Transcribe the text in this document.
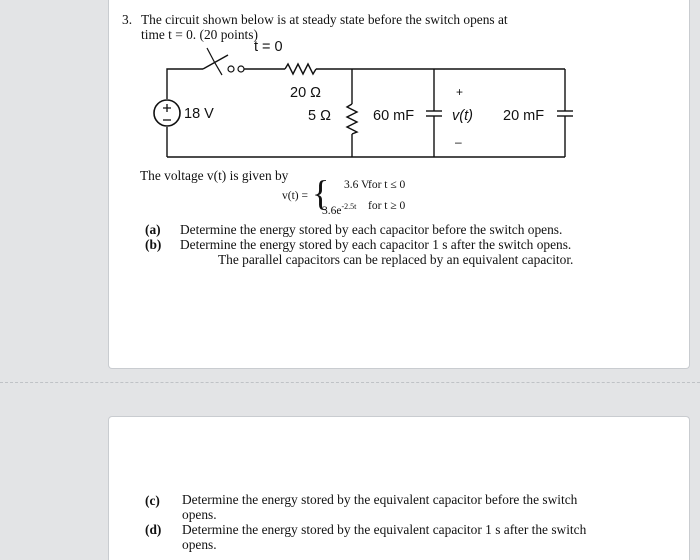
3. The circuit shown below is at steady state before the switch opens at
time t = 0. (20 points)
t = 0
18 V
20 Ω
5 Ω	60 mF
+
v(t)
–
20 mF
The voltage v(t) is given by
v(t) = { 3.6 V
for t ≤ 0
$3.6e^{-2.5t}$ for t ≥ 0
(a) Determine the energy stored by each capacitor before the switch opens.
(b) Determine the energy stored by each capacitor 1 s after the switch opens.
The parallel capacitors can be replaced by an equivalent capacitor.
(c) Determine the energy stored by the equivalent capacitor before the switch
opens.
(d) Determine the energy stored by the equivalent capacitor 1 s after the switch
opens.
